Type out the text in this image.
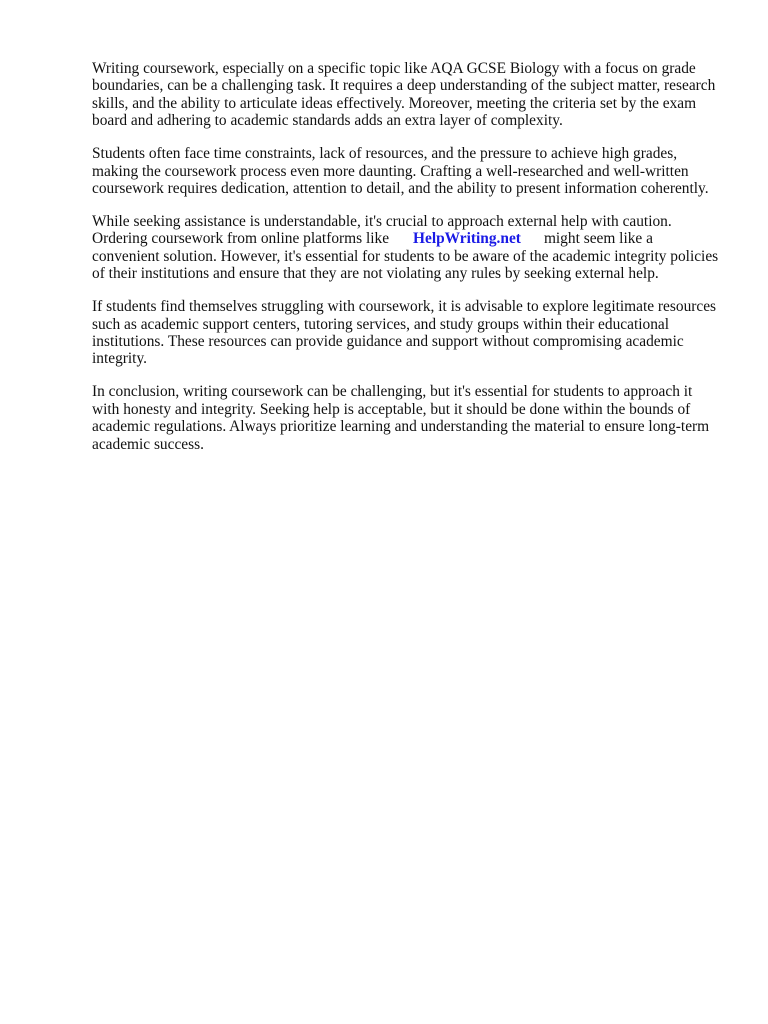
Writing coursework, especially on a specific topic like AQA GCSE Biology with a focus on grade
boundaries, can be a challenging task. It requires a deep understanding of the subject matter, research
skills, and the ability to articulate ideas effectively. Moreover, meeting the criteria set by the exam
board and adhering to academic standards adds an extra layer of complexity.

Students often face time constraints, lack of resources, and the pressure to achieve high grades,
making the coursework process even more daunting. Crafting a well-researched and well-written
coursework requires dedication, attention to detail, and the ability to present information coherently.

While seeking assistance is understandable, it's crucial to approach external help with caution.
Ordering coursework from online platforms like HelpWriting.net might seem like a
convenient solution. However, it's essential for students to be aware of the academic integrity policies
of their institutions and ensure that they are not violating any rules by seeking external help.

If students find themselves struggling with coursework, it is advisable to explore legitimate resources
such as academic support centers, tutoring services, and study groups within their educational
institutions. These resources can provide guidance and support without compromising academic
integrity.

In conclusion, writing coursework can be challenging, but it's essential for students to approach it
with honesty and integrity. Seeking help is acceptable, but it should be done within the bounds of
academic regulations. Always prioritize learning and understanding the material to ensure long-term
academic success.
